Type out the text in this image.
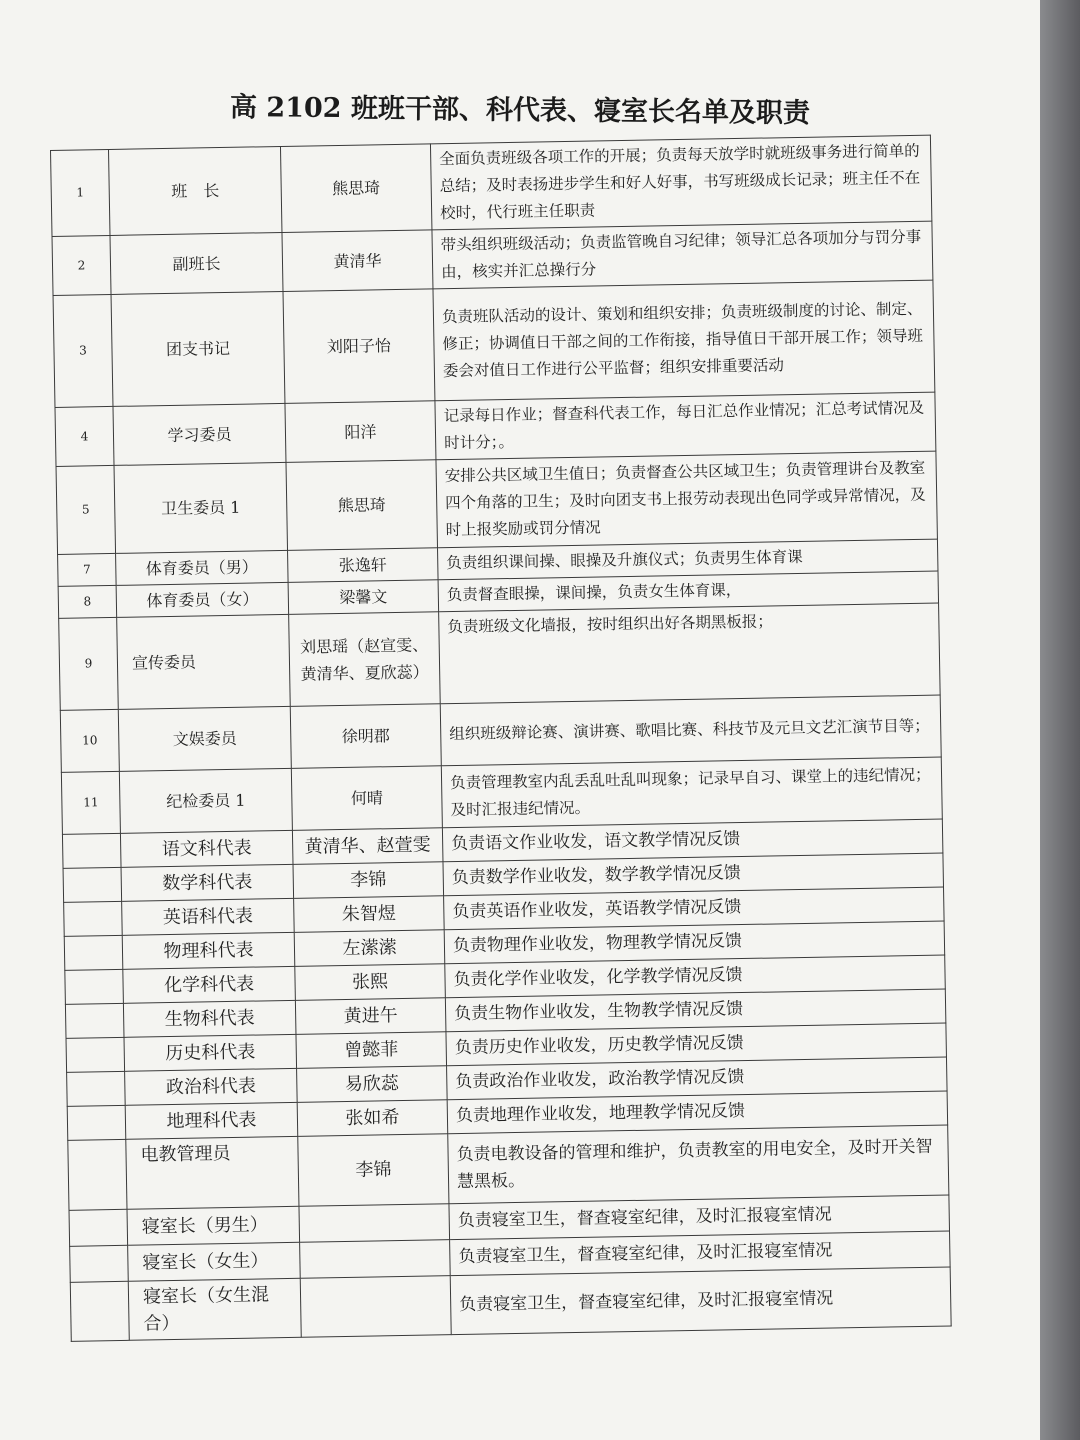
高 2102 班班干部、科代表、寝室长名单及职责
1	班　长	熊思琦	全面负责班级各项工作的开展；负责每天放学时就班级事务进行简单的总结；及时表扬进步学生和好人好事，书写班级成长记录；班主任不在校时，代行班主任职责
2	副班长	黄清华	带头组织班级活动；负责监管晚自习纪律；领导汇总各项加分与罚分事由，核实并汇总操行分
3	团支书记	刘阳子怡	负责班队活动的设计、策划和组织安排；负责班级制度的讨论、制定、修正；协调值日干部之间的工作衔接，指导值日干部开展工作；领导班委会对值日工作进行公平监督；组织安排重要活动
4	学习委员	阳洋	记录每日作业；督查科代表工作，每日汇总作业情况；汇总考试情况及时计分；。
5	卫生委员 1	熊思琦	安排公共区域卫生值日；负责督查公共区域卫生；负责管理讲台及教室四个角落的卫生；及时向团支书上报劳动表现出色同学或异常情况，及时上报奖励或罚分情况
7	体育委员（男）	张逸轩	负责组织课间操、眼操及升旗仪式；负责男生体育课
8	体育委员（女）	梁馨文	负责督查眼操，课间操，负责女生体育课，
9	宣传委员	刘思瑶（赵宣雯、黄清华、夏欣蕊）	负责班级文化墙报，按时组织出好各期黑板报；
10	文娱委员	徐明郡	组织班级辩论赛、演讲赛、歌唱比赛、科技节及元旦文艺汇演节目等；
11	纪检委员 1	何晴	负责管理教室内乱丢乱吐乱叫现象；记录早自习、课堂上的违纪情况；及时汇报违纪情况。
	语文科代表	黄清华、赵萱雯	负责语文作业收发，语文教学情况反馈
	数学科代表	李锦	负责数学作业收发，数学教学情况反馈
	英语科代表	朱智煜	负责英语作业收发，英语教学情况反馈
	物理科代表	左潆潆	负责物理作业收发，物理教学情况反馈
	化学科代表	张熙	负责化学作业收发，化学教学情况反馈
	生物科代表	黄进午	负责生物作业收发，生物教学情况反馈
	历史科代表	曾懿菲	负责历史作业收发，历史教学情况反馈
	政治科代表	易欣蕊	负责政治作业收发，政治教学情况反馈
	地理科代表	张如希	负责地理作业收发，地理教学情况反馈
	电教管理员	李锦	负责电教设备的管理和维护，负责教室的用电安全，及时开关智慧黑板。
	寝室长（男生）		负责寝室卫生，督查寝室纪律，及时汇报寝室情况
	寝室长（女生）		负责寝室卫生，督查寝室纪律，及时汇报寝室情况
	寝室长（女生混合）		负责寝室卫生，督查寝室纪律，及时汇报寝室情况
